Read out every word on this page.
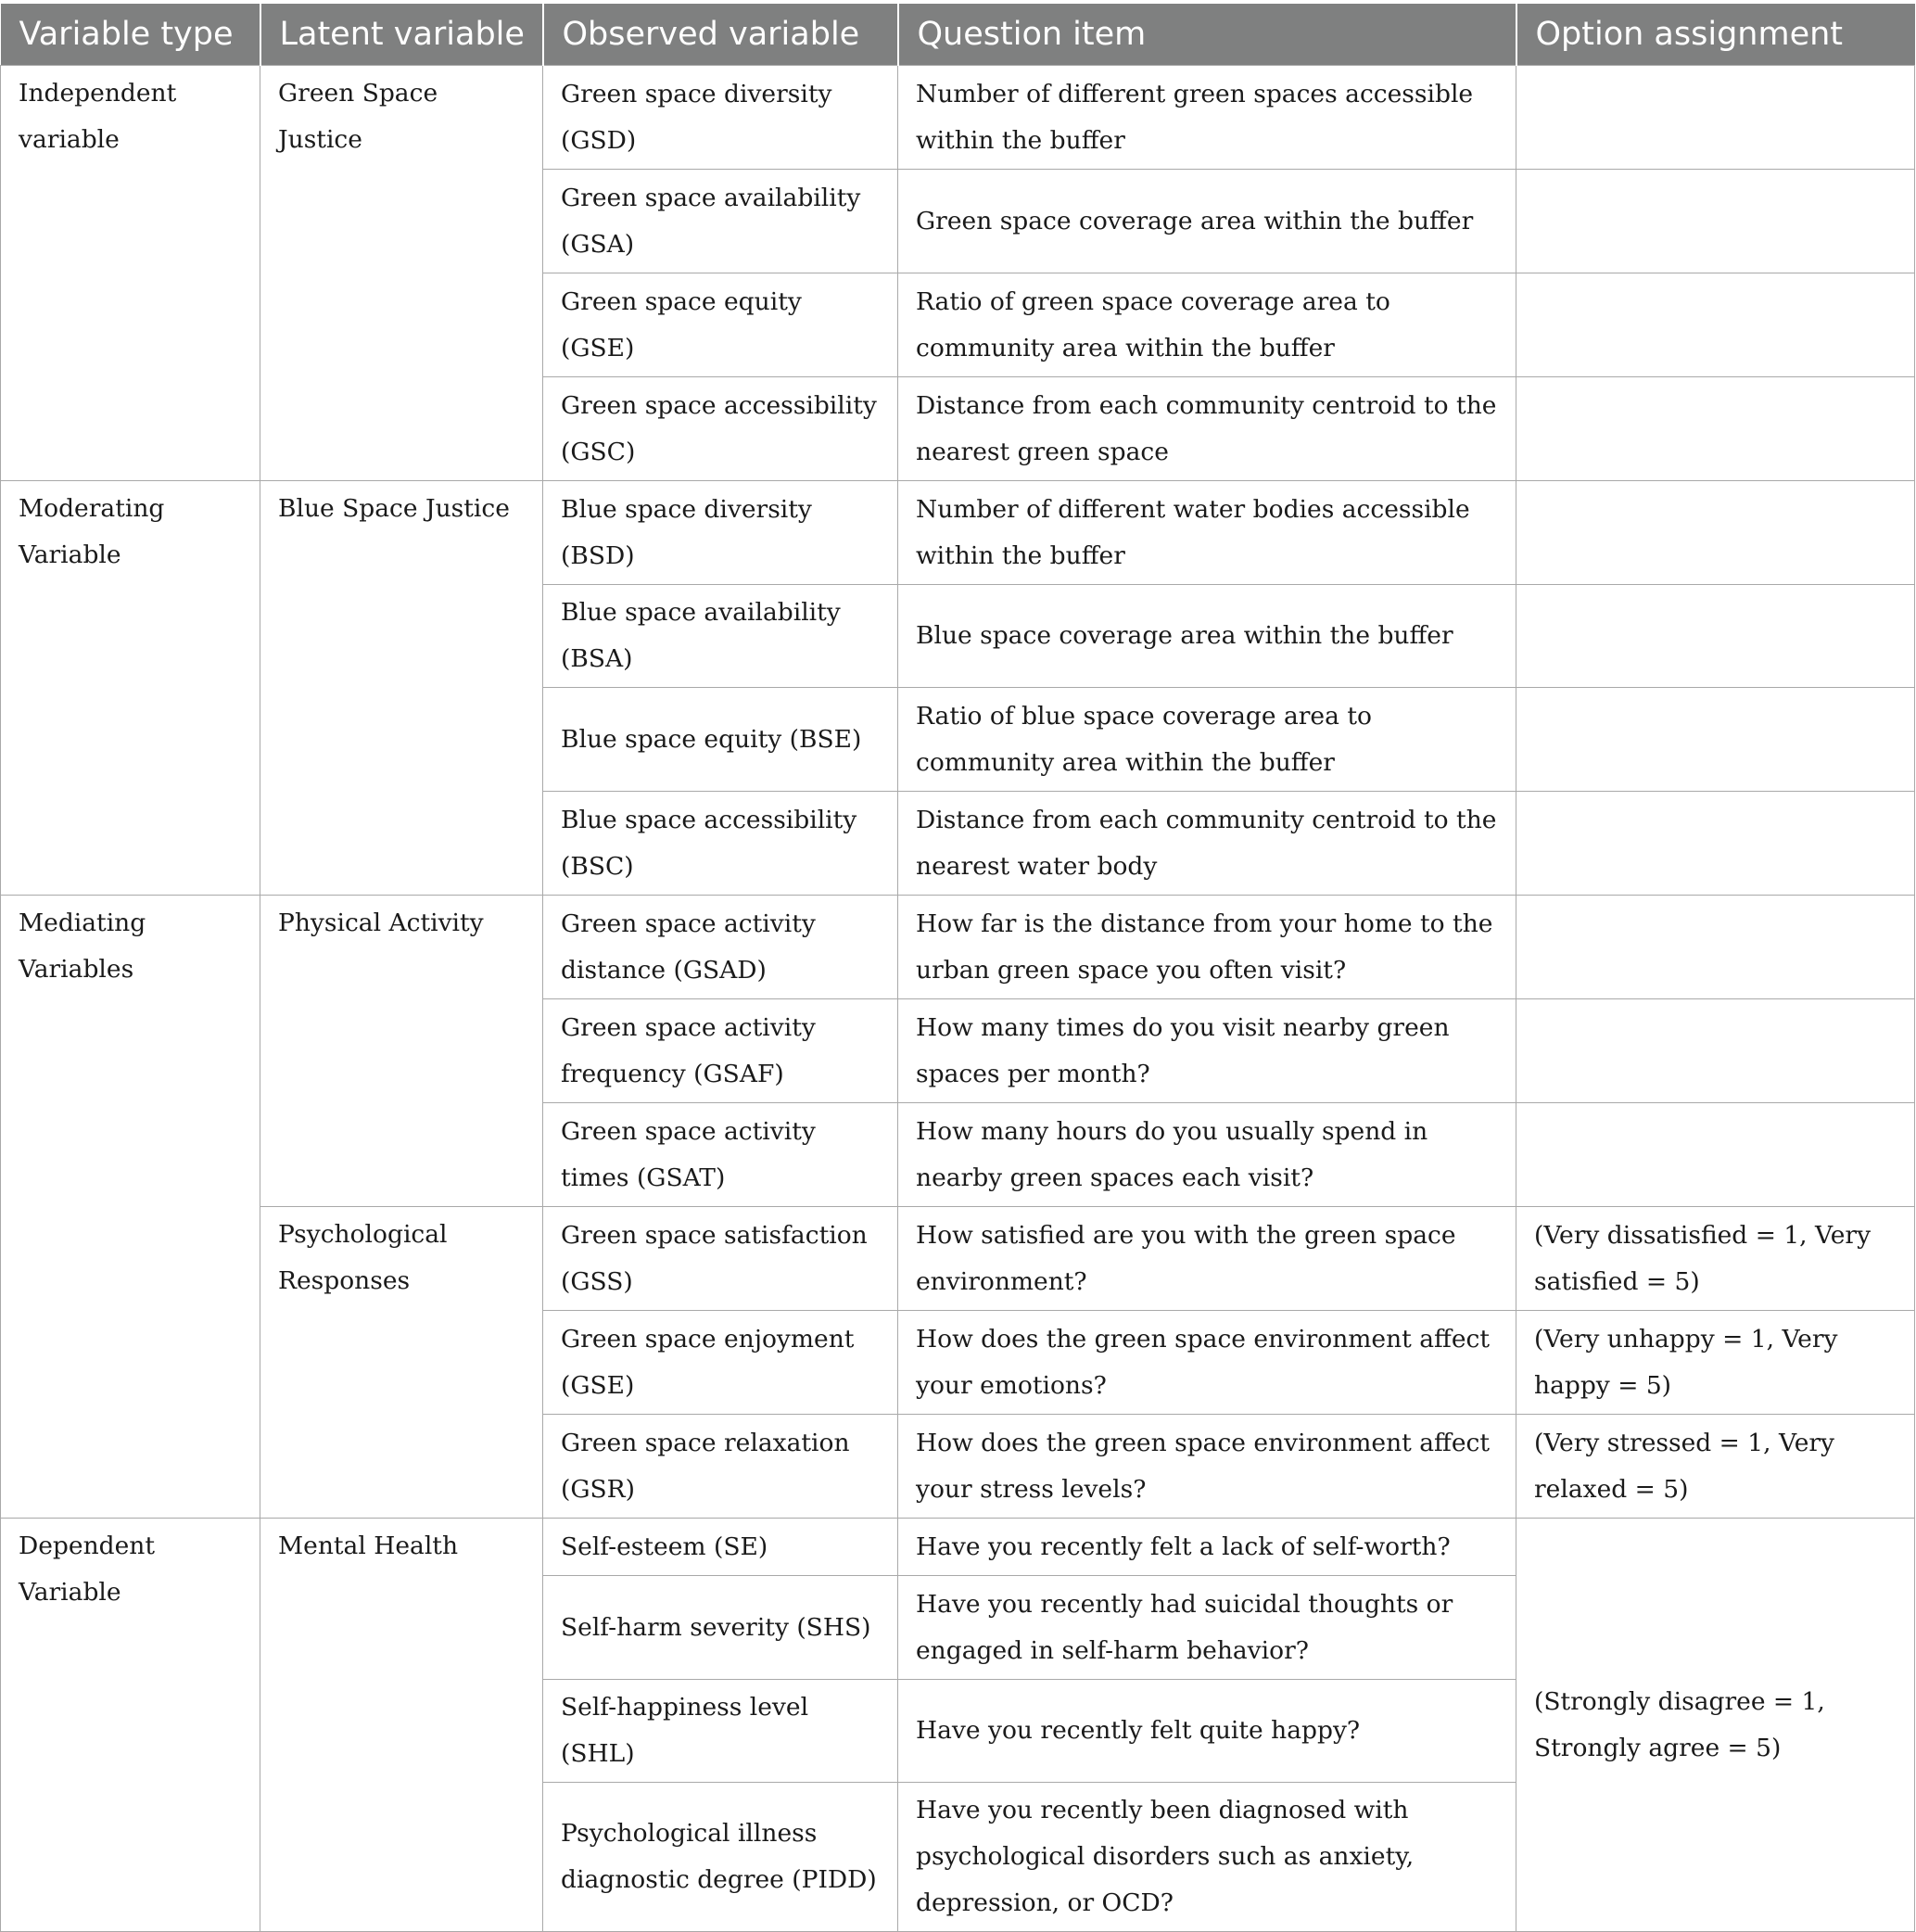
Variable type	Latent variable	Observed variable	Question item	Option assignment
Independent variable	Green Space Justice	Green space diversity (GSD)	Number of different green spaces accessible within the buffer	
		Green space availability (GSA)	Green space coverage area within the buffer	
		Green space equity (GSE)	Ratio of green space coverage area to community area within the buffer	
		Green space accessibility (GSC)	Distance from each community centroid to the nearest green space	
Moderating Variable	Blue Space Justice	Blue space diversity (BSD)	Number of different water bodies accessible within the buffer	
		Blue space availability (BSA)	Blue space coverage area within the buffer	
		Blue space equity (BSE)	Ratio of blue space coverage area to community area within the buffer	
		Blue space accessibility (BSC)	Distance from each community centroid to the nearest water body	
Mediating Variables	Physical Activity	Green space activity distance (GSAD)	How far is the distance from your home to the urban green space you often visit?	
		Green space activity frequency (GSAF)	How many times do you visit nearby green spaces per month?	
		Green space activity times (GSAT)	How many hours do you usually spend in nearby green spaces each visit?	
	Psychological Responses	Green space satisfaction (GSS)	How satisfied are you with the green space environment?	(Very dissatisfied = 1, Very satisfied = 5)
		Green space enjoyment (GSE)	How does the green space environment affect your emotions?	(Very unhappy = 1, Very happy = 5)
		Green space relaxation (GSR)	How does the green space environment affect your stress levels?	(Very stressed = 1, Very relaxed = 5)
Dependent Variable	Mental Health	Self-esteem (SE)	Have you recently felt a lack of self-worth?	(Strongly disagree = 1, Strongly agree = 5)
		Self-harm severity (SHS)	Have you recently had suicidal thoughts or engaged in self-harm behavior?	
		Self-happiness level (SHL)	Have you recently felt quite happy?	
		Psychological illness diagnostic degree (PIDD)	Have you recently been diagnosed with psychological disorders such as anxiety, depression, or OCD?	
